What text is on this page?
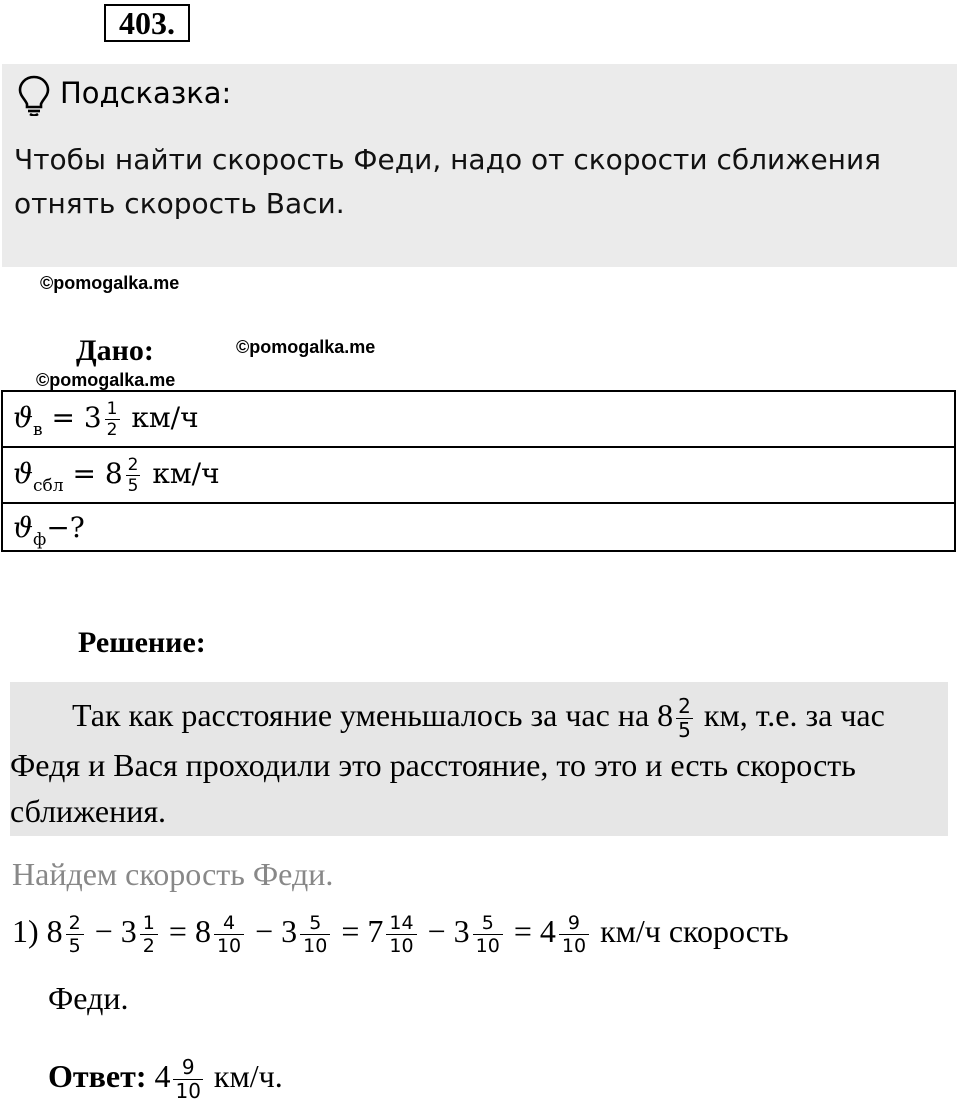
403.
Подсказка:
Чтобы найти скорость Феди, надо от скорости сближения отнять скорость Васи.
©pomogalka.me
Дано:	©pomogalka.me
©pomogalka.me
$ϑ_в = 3 \frac{1}{2} км/ч$
$ϑ_{сбл} = 8 \frac{2}{5} км/ч$
$ϑ_ф-$?
Решение:
Так как расстояние уменьшалось за час на $8 \frac{2}{5}$ км, т.е. за час Федя и Вася проходили это расстояние, то это и есть скорость сближения.
Найдем скорость Феди.
1) $8 \frac{2}{5} - 3 \frac{1}{2} = 8 \frac{4}{10} - 3 \frac{5}{10} = 7 \frac{14}{10} - 3 \frac{5}{10} = 4 \frac{9}{10} км/ч$ скорость
Феди.
Ответ: $4 \frac{9}{10} км/ч$.
